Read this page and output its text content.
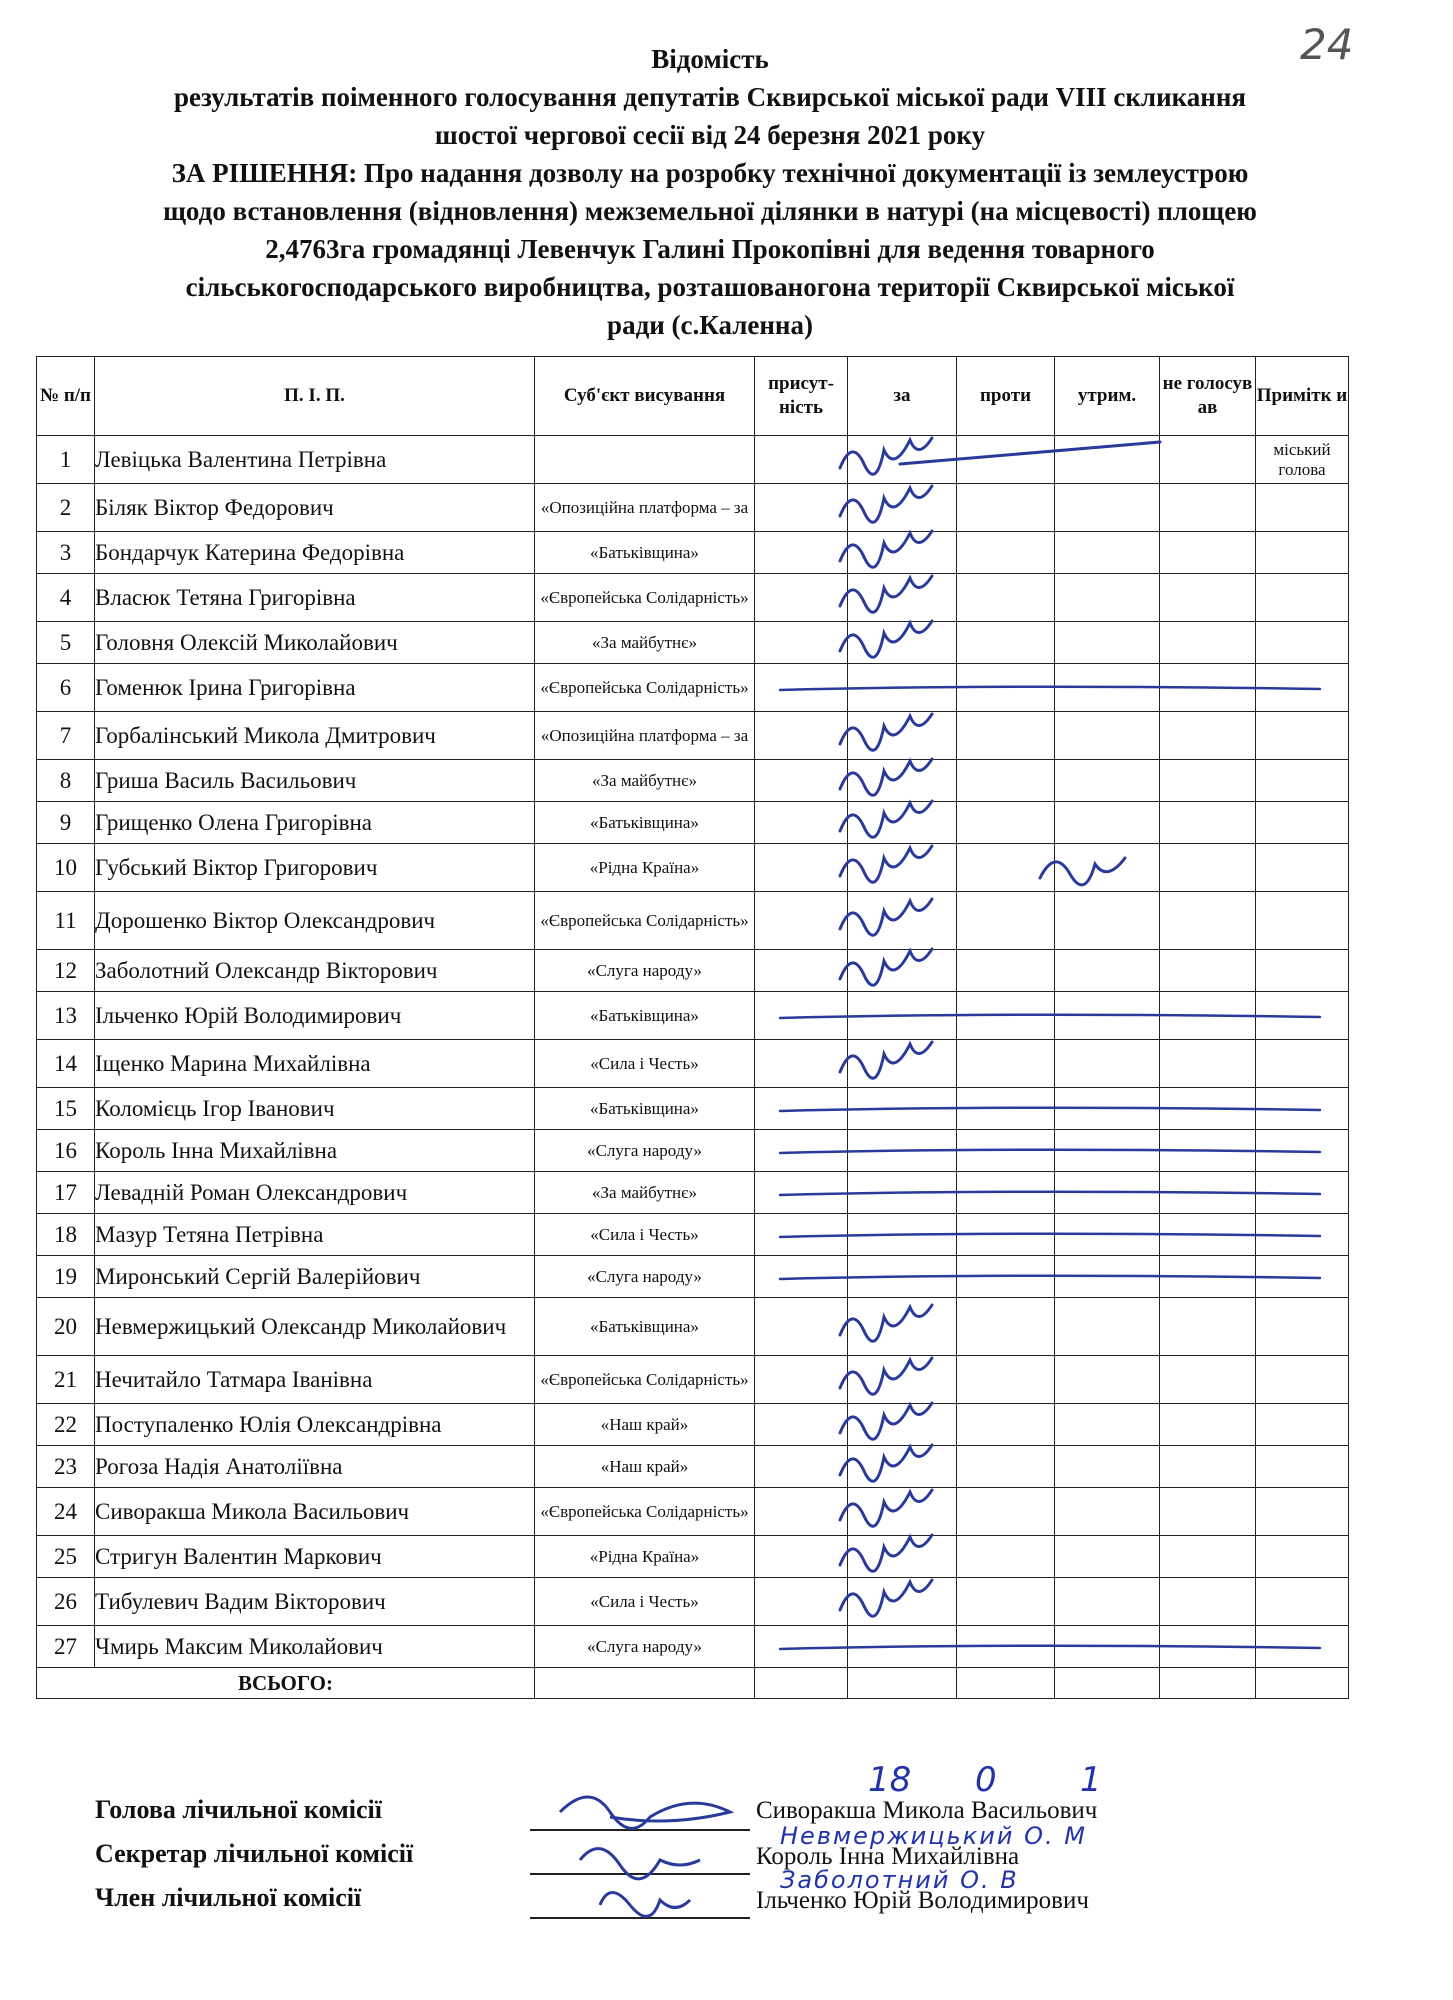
24

Відомість

результатів поіменного голосування депутатів Сквирської міської ради VIII скликання

шостої чергової сесії від 24 березня 2021 року

ЗА РІШЕННЯ: Про надання дозволу на розробку технічної документації із землеустрою

щодо встановлення (відновлення) межземельної ділянки в натурі (на місцевості) площею

2,4763га громадянці Левенчук Галині Прокопівні для ведення товарного

сільськогосподарського виробництва, розташованогона території Сквирської міської

ради (с.Каленна)

№ п/п	П. І. П.	Суб'єкт висування	присут-ність	за	проти	утрим.	не голосув ав	Примітк и
1	Левіцька Валентина Петрівна							міський голова
2	Біляк Віктор Федорович	«Опозиційна платформа – за						
3	Бондарчук Катерина Федорівна	«Батьківщина»						
4	Власюк Тетяна Григорівна	«Європейська Солідарність»						
5	Головня Олексій Миколайович	«За майбутнє»						
6	Гоменюк Ірина Григорівна	«Європейська Солідарність»						
7	Горбалінський Микола Дмитрович	«Опозиційна платформа – за						
8	Гриша Василь Васильович	«За майбутнє»						
9	Грищенко Олена Григорівна	«Батьківщина»						
10	Губський Віктор Григорович	«Рідна Країна»						
11	Дорошенко Віктор Олександрович	«Європейська Солідарність»						
12	Заболотний Олександр Вікторович	«Слуга народу»						
13	Ільченко Юрій Володимирович	«Батьківщина»						
14	Іщенко Марина Михайлівна	«Сила і Честь»						
15	Коломієць Ігор Іванович	«Батьківщина»						
16	Король Інна Михайлівна	«Слуга народу»						
17	Левадній Роман Олександрович	«За майбутнє»						
18	Мазур Тетяна Петрівна	«Сила і Честь»						
19	Миронський Сергій Валерійович	«Слуга народу»						
20	Невмержицький Олександр Миколайович	«Батьківщина»						
21	Нечитайло Татмара Іванівна	«Європейська Солідарність»						
22	Поступаленко Юлія Олександрівна	«Наш край»						
23	Рогоза Надія Анатоліївна	«Наш край»						
24	Сиворакша Микола Васильович	«Європейська Солідарність»						
25	Стригун Валентин Маркович	«Рідна Країна»						
26	Тибулевич Вадим Вікторович	«Сила і Честь»						
27	Чмирь Максим Миколайович	«Слуга народу»						
ВСЬОГО:								
18 0 1
Голова лічильної комісії
Секретар лічильної комісії
Член лічильної комісії
Сиворакша Микола Васильович
Король Інна Михайлівна
Ільченко Юрій Володимирович
Невмержицький О. М
Заболотний О. В
